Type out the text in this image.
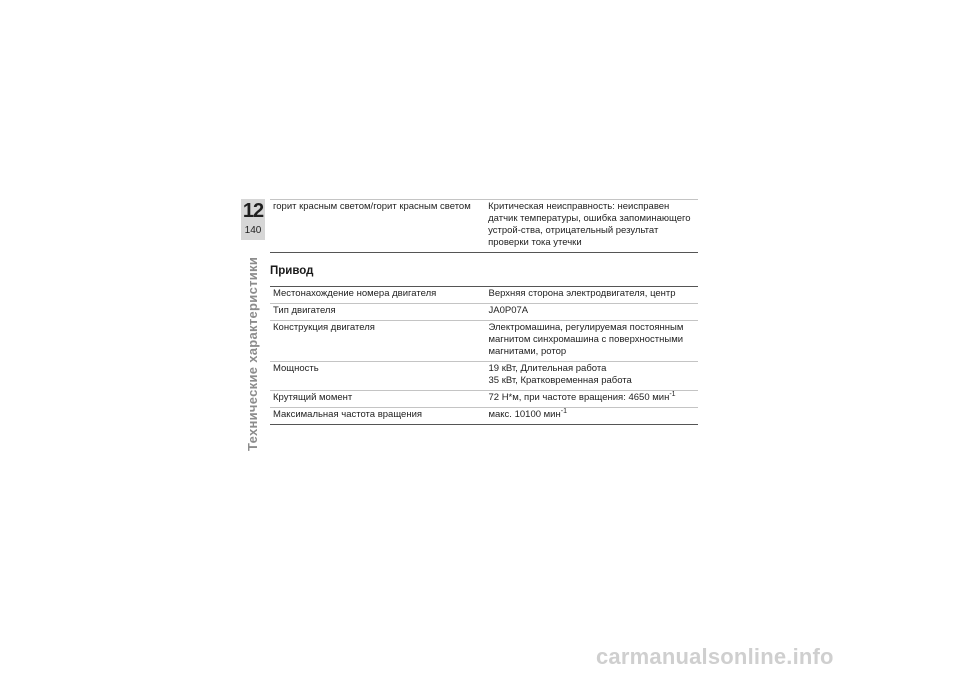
12
140
Технические характеристики
горит красным светом/горит красным светом	Критическая неисправность: неисправен датчик температуры, ошибка запоминающего устрой-ства, отрицательный результат проверки тока утечки
Привод
Местонахождение номера двигателя	Верхняя сторона электродвигателя, центр
Тип двигателя	JA0P07A
Конструкция двигателя	Электромашина, регулируемая постоянным магнитом синхромашина с поверхностными магнитами, ротор
Мощность	19 кВт, Длительная работа
35 кВт, Кратковременная работа

Крутящий момент	72 Н*м, при частоте вращения: 4650 мин$^{-1}$
Максимальная частота вращения	макс. 10100 мин$^{-1}$
carmanualsonline.info
